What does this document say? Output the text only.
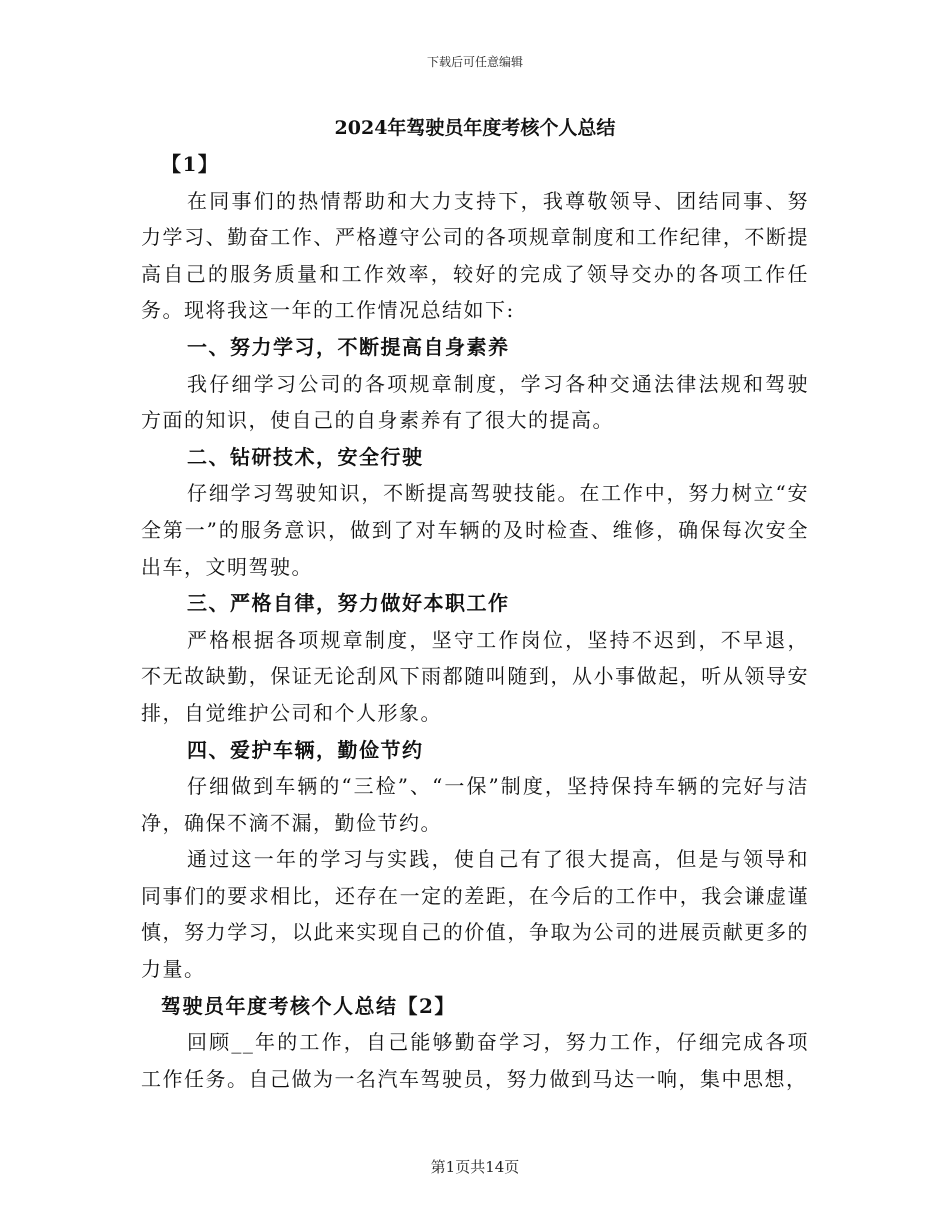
下载后可任意编辑
2024年驾驶员年度考核个人总结

【1】

在同事们的热情帮助和大力支持下，我尊敬领导、团结同事、努力学习、勤奋工作、严格遵守公司的各项规章制度和工作纪律，不断提高自己的服务质量和工作效率，较好的完成了领导交办的各项工作任务。现将我这一年的工作情况总结如下:

一、努力学习，不断提高自身素养

我仔细学习公司的各项规章制度，学习各种交通法律法规和驾驶方面的知识，使自己的自身素养有了很大的提高。

二、钻研技术，安全行驶

仔细学习驾驶知识，不断提高驾驶技能。在工作中，努力树立“安全第一”的服务意识，做到了对车辆的及时检查、维修，确保每次安全出车，文明驾驶。

三、严格自律，努力做好本职工作

严格根据各项规章制度，坚守工作岗位，坚持不迟到，不早退，不无故缺勤，保证无论刮风下雨都随叫随到，从小事做起，听从领导安排，自觉维护公司和个人形象。

四、爱护车辆，勤俭节约

仔细做到车辆的“三检”、“一保”制度，坚持保持车辆的完好与洁净，确保不滴不漏，勤俭节约。

通过这一年的学习与实践，使自己有了很大提高，但是与领导和同事们的要求相比，还存在一定的差距，在今后的工作中，我会谦虚谨慎，努力学习，以此来实现自己的价值，争取为公司的进展贡献更多的力量。

驾驶员年度考核个人总结【2】

回顾__年的工作，自己能够勤奋学习，努力工作，仔细完成各项工作任务。自己做为一名汽车驾驶员，努力做到马达一响，集中思想，

第1页共14页
